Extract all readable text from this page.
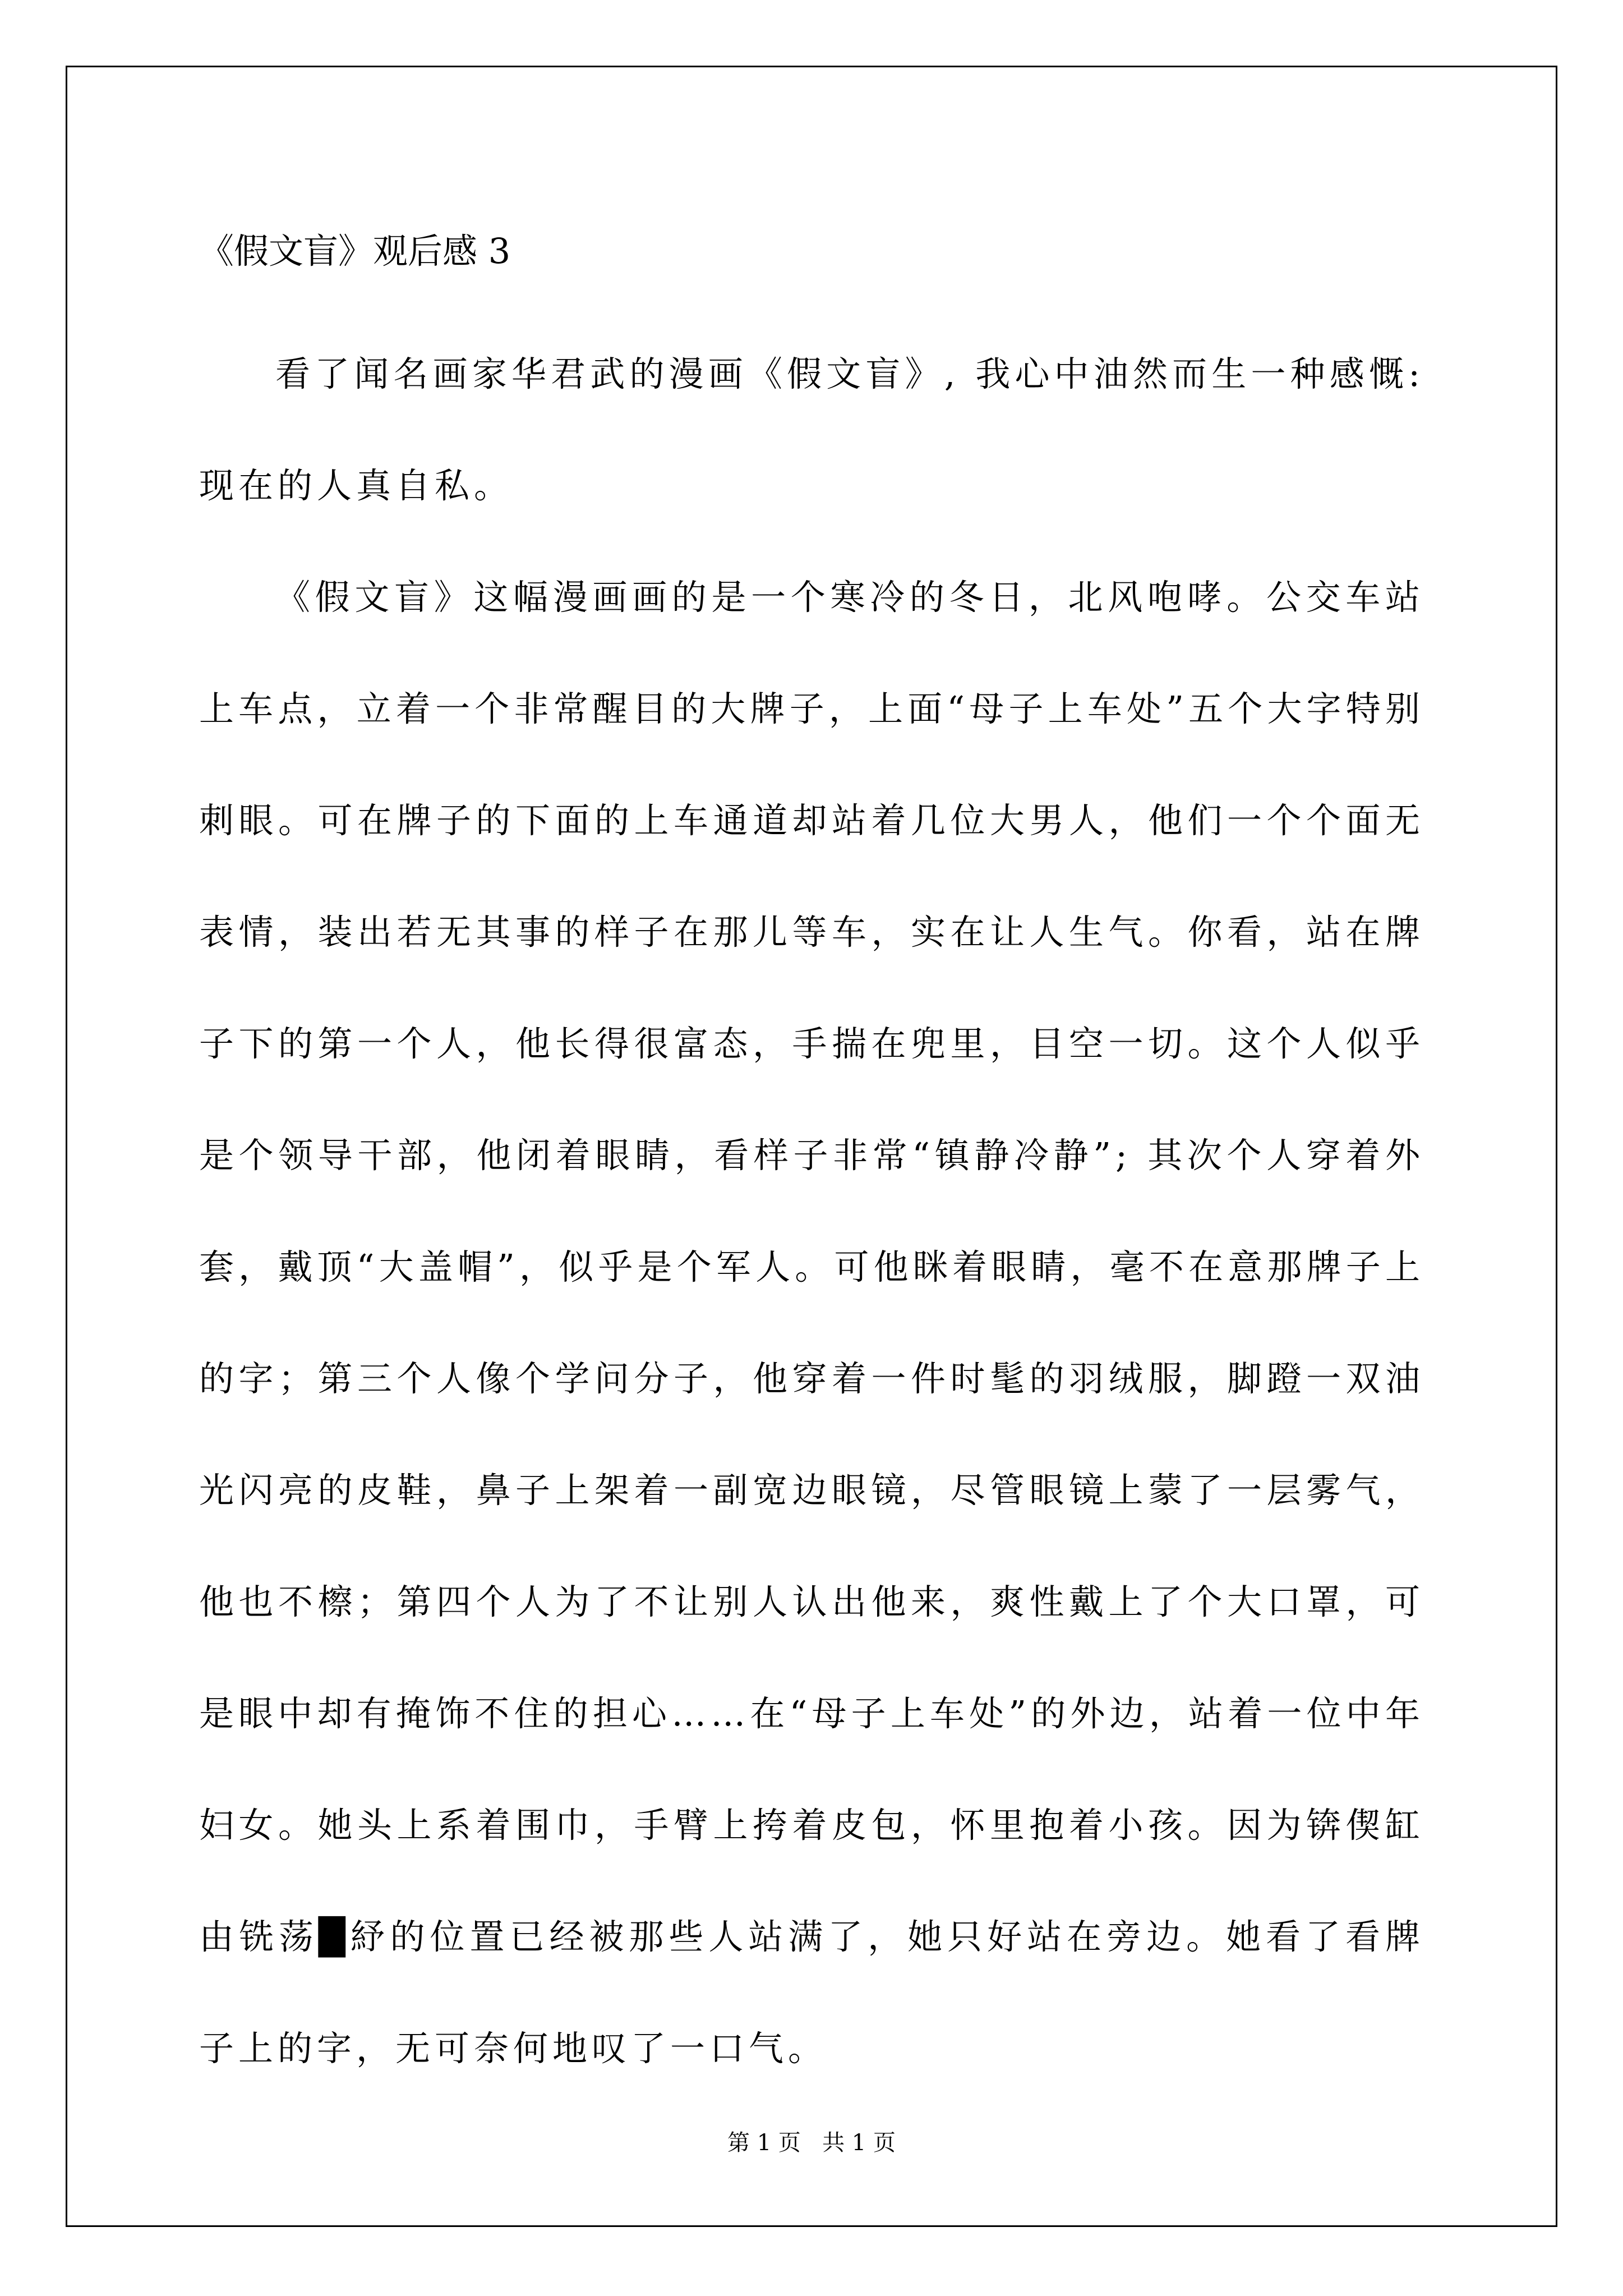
《假文盲》观后感 3

看了闻名画家华君武的漫画《假文盲》, 我心中油然而生一种感慨: 现在的人真自私。

《假文盲》这幅漫画画的是一个寒冷的冬日，北风咆哮。公交车站上车点，立着一个非常醒目的大牌子，上面“母子上车处”五个大字特别刺眼。可在牌子的下面的上车通道却站着几位大男人，他们一个个面无表情，装出若无其事的样子在那儿等车，实在让人生气。你看，站在牌子下的第一个人，他长得很富态，手揣在兜里，目空一切。这个人似乎是个领导干部，他闭着眼睛，看样子非常“镇静冷静”; 其次个人穿着外套，戴顶“大盖帽”，似乎是个军人。可他眯着眼睛，毫不在意那牌子上的字；第三个人像个学问分子，他穿着一件时髦的羽绒服，脚蹬一双油光闪亮的皮鞋，鼻子上架着一副宽边眼镜，尽管眼镜上蒙了一层雾气，他也不檫；第四个人为了不让别人认出他来，爽性戴上了个大口罩，可是眼中却有掩饰不住的担心……在“母子上车处”的外边，站着一位中年妇女。她头上系着围巾，手臂上挎着皮包，怀里抱着小孩。因为锛偰缸由铣荡█紓的位置已经被那些人站满了，她只好站在旁边。她看了看牌子上的字，无可奈何地叹了一口气。

第 1 页   共 1 页
